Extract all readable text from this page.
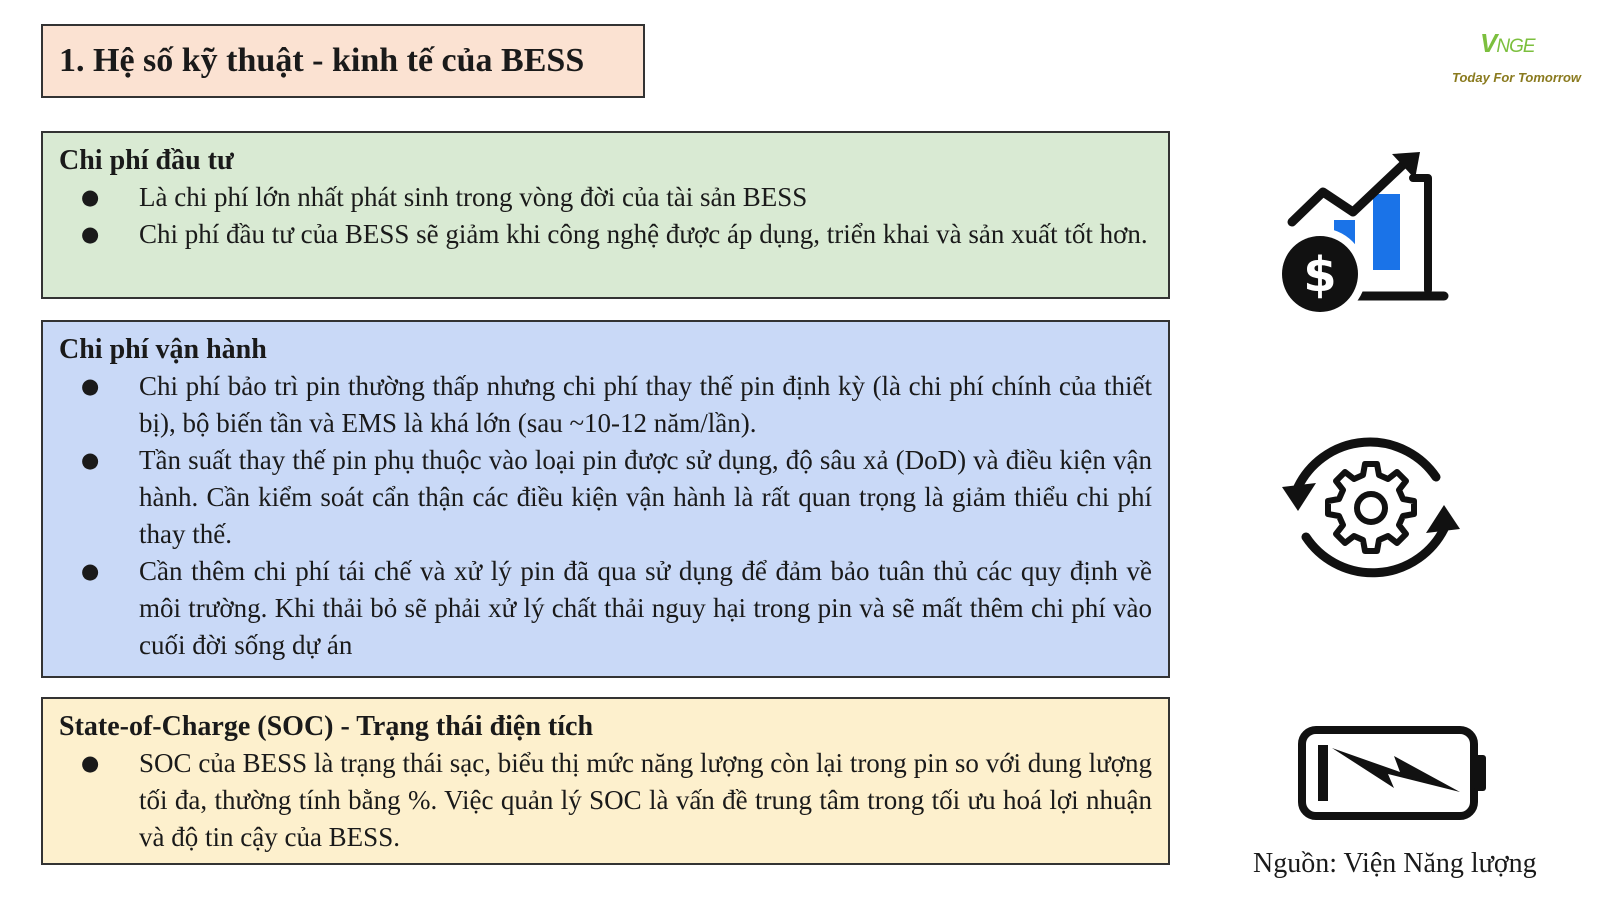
1. Hệ số kỹ thuật - kinh tế của BESS	VNGE
Today For Tomorrow
Chi phí đầu tư
● Là chi phí lớn nhất phát sinh trong vòng đời của tài sản BESS
● Chi phí đầu tư của BESS sẽ giảm khi công nghệ được áp dụng, triển khai và sản xuất tốt hơn.
Chi phí vận hành
● Chi phí bảo trì pin thường thấp nhưng chi phí thay thế pin định kỳ (là chi phí chính của thiết bị), bộ biến tần và EMS là khá lớn (sau ~10-12 năm/lần).
● Tần suất thay thế pin phụ thuộc vào loại pin được sử dụng, độ sâu xả (DoD) và điều kiện vận hành. Cần kiểm soát cẩn thận các điều kiện vận hành là rất quan trọng là giảm thiểu chi phí thay thế.
● Cần thêm chi phí tái chế và xử lý pin đã qua sử dụng để đảm bảo tuân thủ các quy định về môi trường. Khi thải bỏ sẽ phải xử lý chất thải nguy hại trong pin và sẽ mất thêm chi phí vào cuối đời sống dự án
State-of-Charge (SOC) - Trạng thái điện tích
● SOC của BESS là trạng thái sạc, biểu thị mức năng lượng còn lại trong pin so với dung lượng tối đa, thường tính bằng %. Việc quản lý SOC là vấn đề trung tâm trong tối ưu hoá lợi nhuận và độ tin cậy của BESS.
$
Nguồn: Viện Năng lượng
